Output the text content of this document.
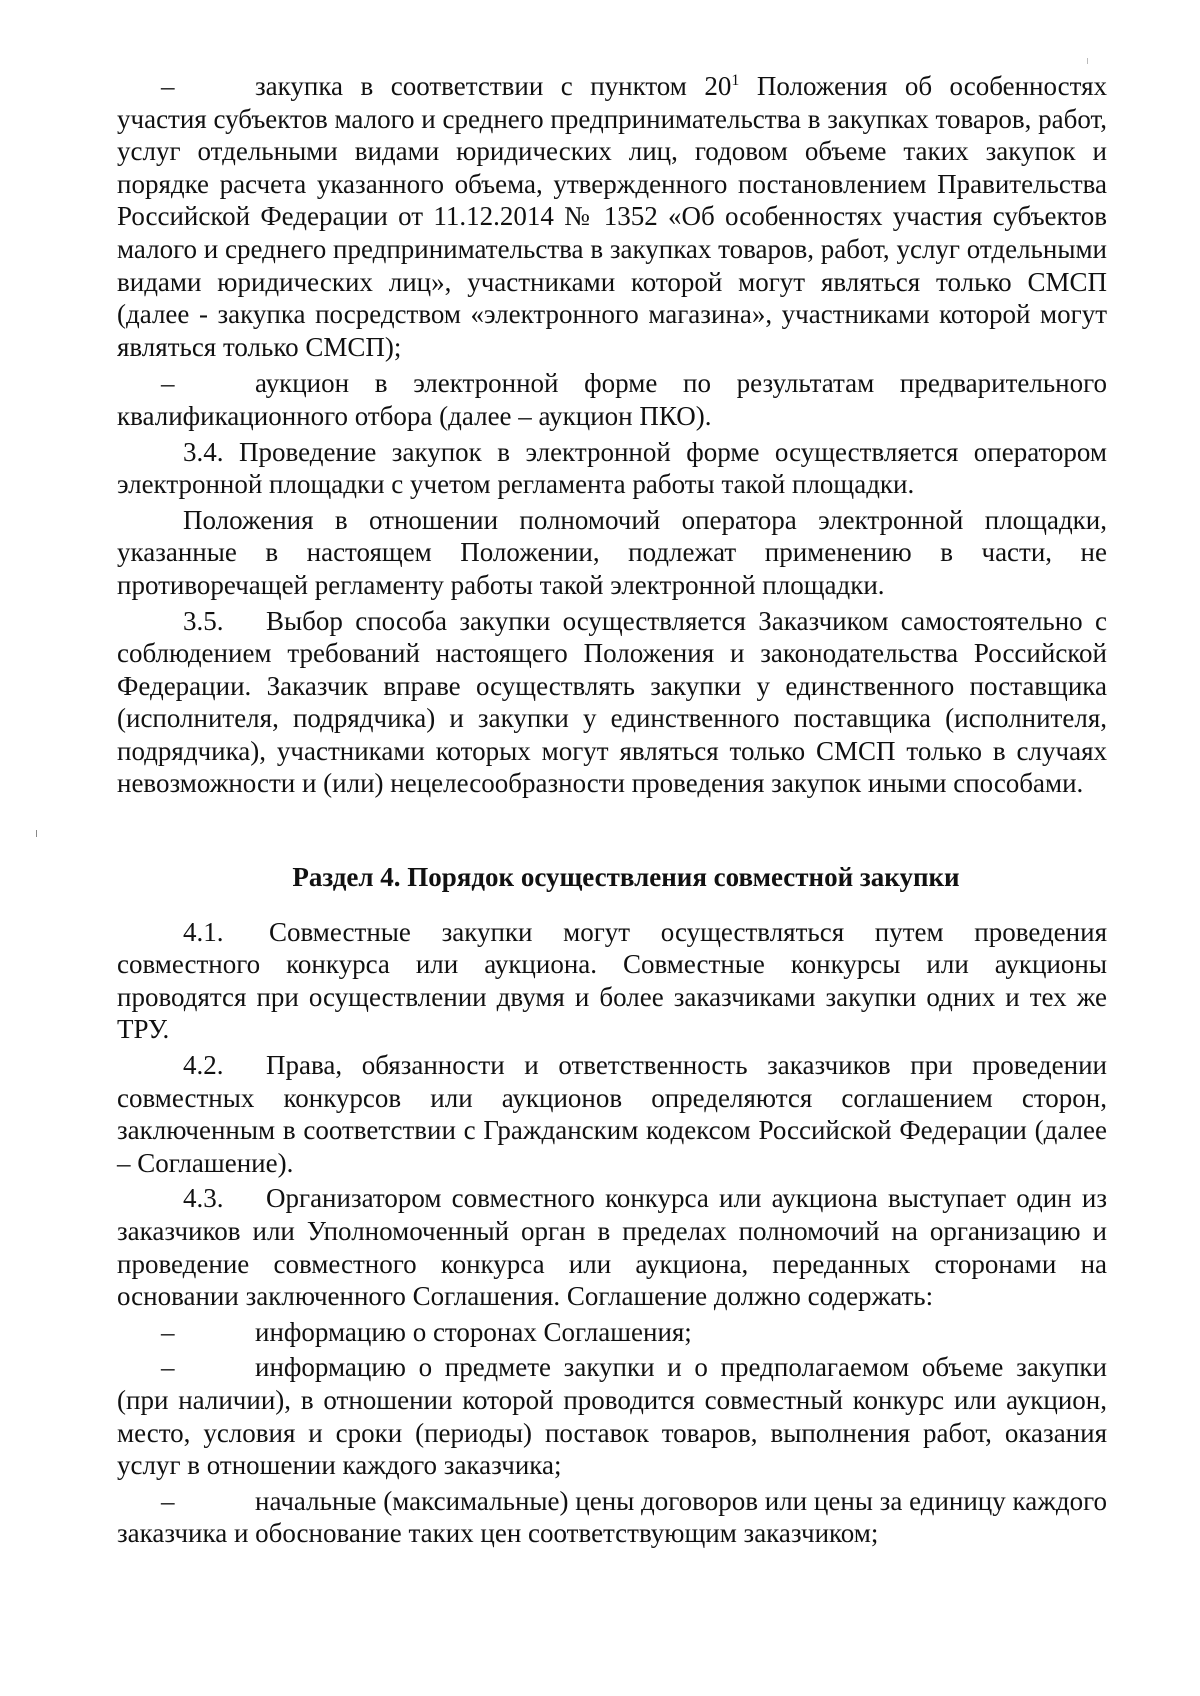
–	закупка в соответствии с пунктом $20^1$ Положения об особенностях участия субъектов малого и среднего предпринимательства в закупках товаров, работ, услуг отдельными видами юридических лиц, годовом объеме таких закупок и порядке расчета указанного объема, утвержденного постановлением Правительства Российской Федерации от 11.12.2014 № 1352 «Об особенностях участия субъектов малого и среднего предпринимательства в закупках товаров, работ, услуг отдельными видами юридических лиц», участниками которой могут являться только СМСП (далее - закупка посредством «электронного магазина», участниками которой могут являться только СМСП);

–	аукцион в электронной форме по результатам предварительного квалификационного отбора (далее – аукцион ПКО).

3.4. Проведение закупок в электронной форме осуществляется оператором электронной площадки с учетом регламента работы такой площадки.

Положения в отношении полномочий оператора электронной площадки, указанные в настоящем Положении, подлежат применению в части, не противоречащей регламенту работы такой электронной площадки.

3.5. Выбор способа закупки осуществляется Заказчиком самостоятельно с соблюдением требований настоящего Положения и законодательства Российской Федерации. Заказчик вправе осуществлять закупки у единственного поставщика (исполнителя, подрядчика) и закупки у единственного поставщика (исполнителя, подрядчика), участниками которых могут являться только СМСП только в случаях невозможности и (или) нецелесообразности проведения закупок иными способами.

Раздел 4. Порядок осуществления совместной закупки

4.1. Совместные закупки могут осуществляться путем проведения совместного конкурса или аукциона. Совместные конкурсы или аукционы проводятся при осуществлении двумя и более заказчиками закупки одних и тех же ТРУ.

4.2. Права, обязанности и ответственность заказчиков при проведении совместных конкурсов или аукционов определяются соглашением сторон, заключенным в соответствии с Гражданским кодексом Российской Федерации (далее – Соглашение).

4.3. Организатором совместного конкурса или аукциона выступает один из заказчиков или Уполномоченный орган в пределах полномочий на организацию и проведение совместного конкурса или аукциона, переданных сторонами на основании заключенного Соглашения. Соглашение должно содержать:

–	информацию о сторонах Соглашения;

–	информацию о предмете закупки и о предполагаемом объеме закупки (при наличии), в отношении которой проводится совместный конкурс или аукцион, место, условия и сроки (периоды) поставок товаров, выполнения работ, оказания услуг в отношении каждого заказчика;

–	начальные (максимальные) цены договоров или цены за единицу каждого заказчика и обоснование таких цен соответствующим заказчиком;
